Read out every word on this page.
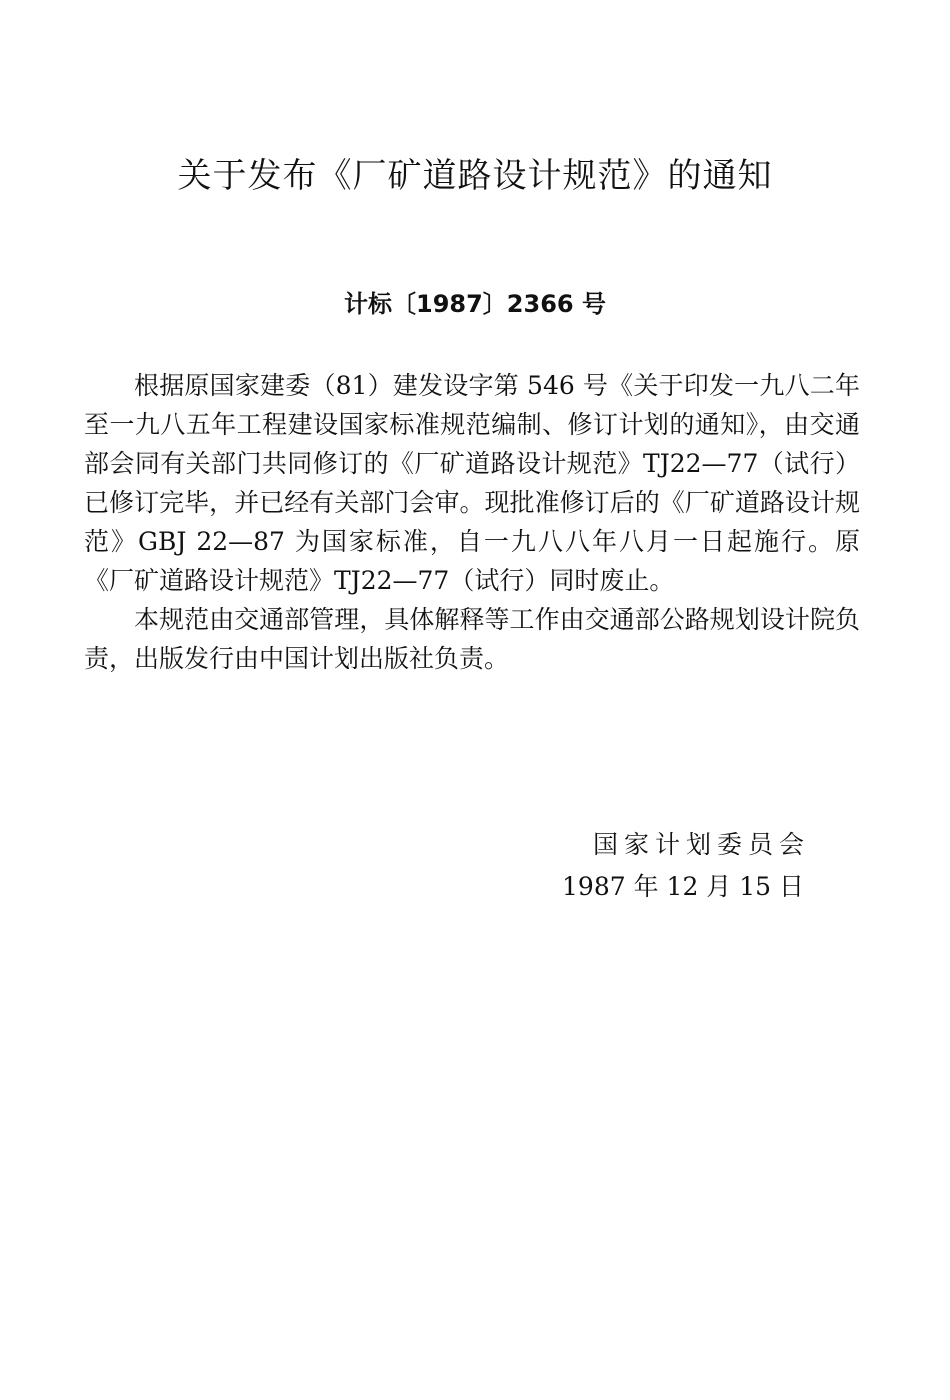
关于发布《厂矿道路设计规范》的通知
计标〔1987〕2366 号

根据原国家建委（81）建发设字第 546 号《关于印发一九八二年至一九八五年工程建设国家标准规范编制、修订计划的通知》，由交通部会同有关部门共同修订的《厂矿道路设计规范》TJ22—77（试行）已修订完毕，并已经有关部门会审。现批准修订后的《厂矿道路设计规范》GBJ 22—87 为国家标准，自一九八八年八月一日起施行。原《厂矿道路设计规范》TJ22—77（试行）同时废止。

本规范由交通部管理，具体解释等工作由交通部公路规划设计院负责，出版发行由中国计划出版社负责。

国家计划委员会
1987 年 12 月 15 日
